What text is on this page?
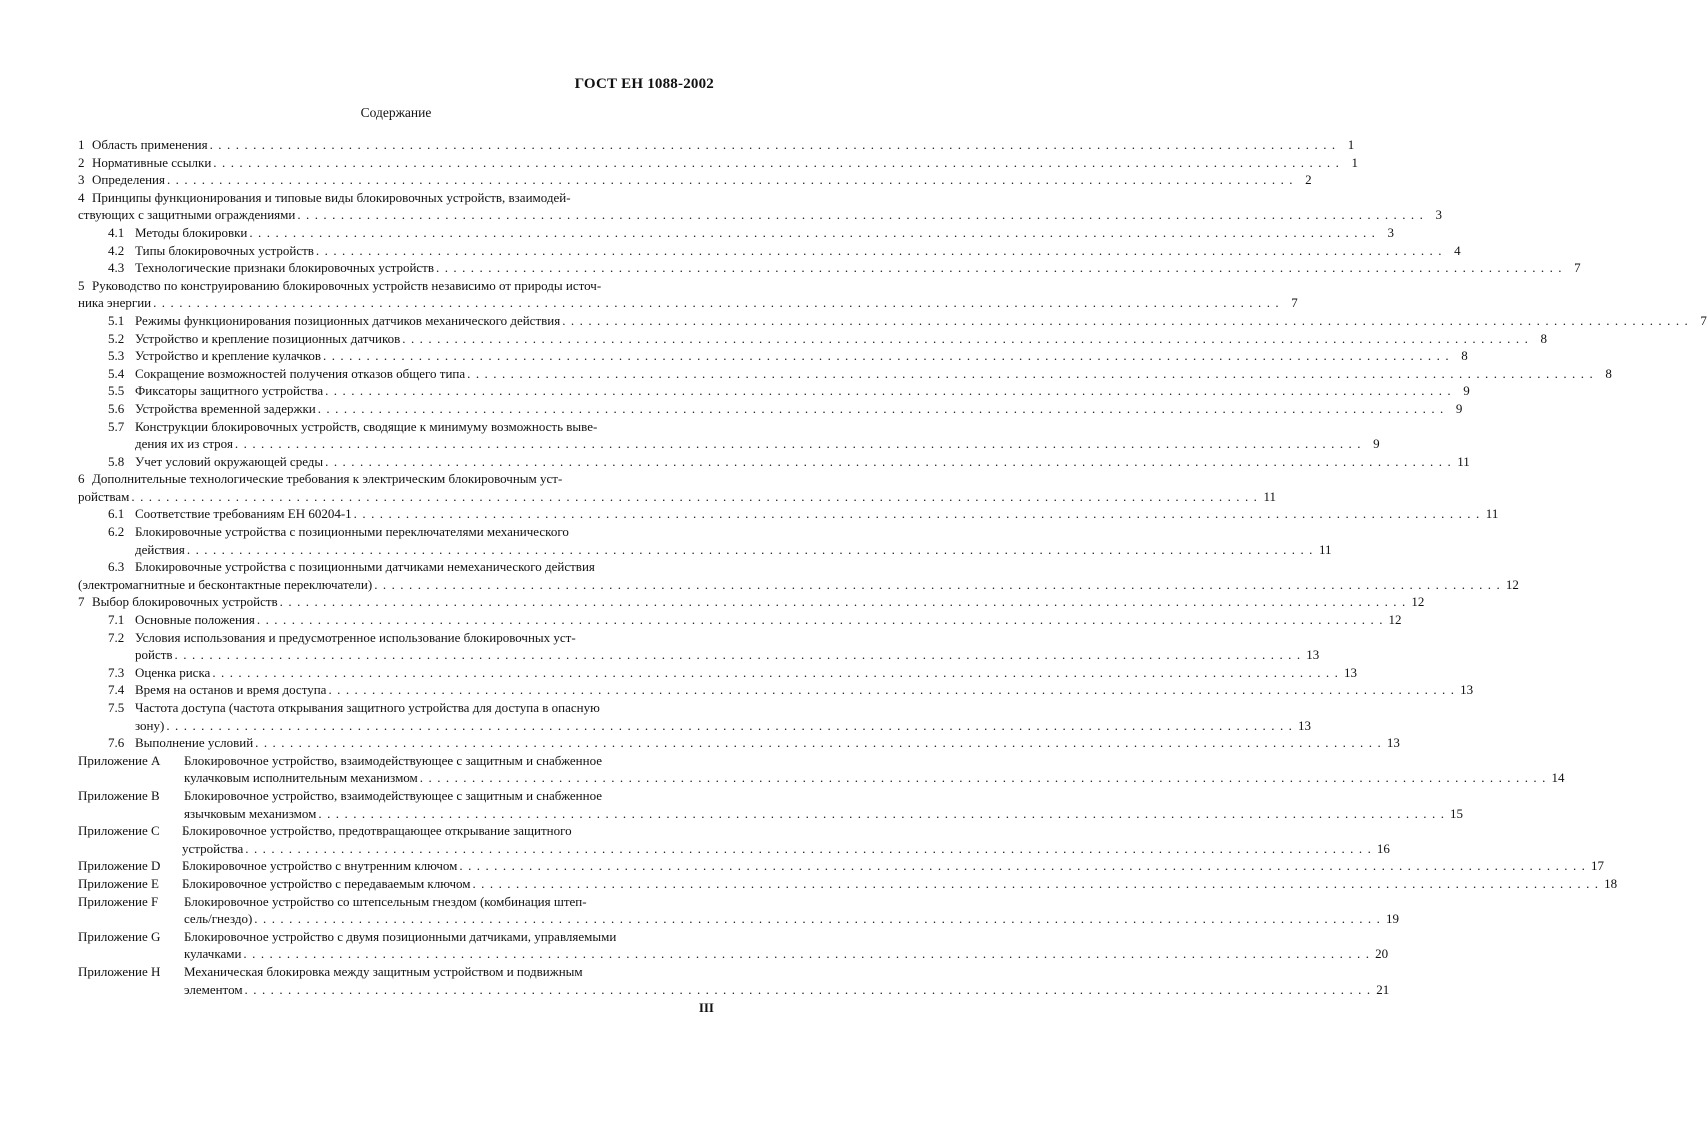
ГОСТ ЕН 1088-2002
Содержание
1 Область применения . . .	1
2 Нормативные ссылки . . .	1
3 Определения . . .	2
4 Принципы функционирования и типовые виды блокировочных устройств, взаимодей-
ствующих с защитными ограждениями . . .	3
4.1 Методы блокировки . . .	3
4.2 Типы блокировочных устройств . . .	4
4.3 Технологические признаки блокировочных устройств . . .	7
5 Руководство по конструированию блокировочных устройств независимо от природы источ-
ника энергии . . .	7
5.1 Режимы функционирования позиционных датчиков механического действия . . .	7
5.2 Устройство и крепление позиционных датчиков . . .	8
5.3 Устройство и крепление кулачков . . .	8
5.4 Сокращение возможностей получения отказов общего типа . . .	8
5.5 Фиксаторы защитного устройства . . .	9
5.6 Устройства временной задержки . . .	9
5.7 Конструкции блокировочных устройств, сводящие к минимуму возможность выве-
дения их из строя . . .	9
5.8 Учет условий окружающей среды . . .	11
6 Дополнительные технологические требования к электрическим блокировочным уст-
ройствам . . .	11
6.1 Соответствие требованиям ЕН 60204-1 . . .	11
6.2 Блокировочные устройства с позиционными переключателями механического
действия . . .	11
6.3 Блокировочные устройства с позиционными датчиками немеханического действия
(электромагнитные и бесконтактные переключатели) . . .	12
7 Выбор блокировочных устройств . . .	12
7.1 Основные положения . . .	12
7.2 Условия использования и предусмотренное использование блокировочных уст-
ройств . . .	13
7.3 Оценка риска . . .	13
7.4 Время на останов и время доступа . . .	13
7.5 Частота доступа (частота открывания защитного устройства для доступа в опасную
зону) . . .	13
7.6 Выполнение условий . . .	13
Приложение А	Блокировочное устройство, взаимодействующее с защитным и снабженное
кулачковым исполнительным механизмом . . .	14
Приложение В	Блокировочное устройство, взаимодействующее с защитным и снабженное
язычковым механизмом . . .	15
Приложение С	Блокировочное устройство, предотвращающее открывание защитного
устройства . . .	16
Приложение D	Блокировочное устройство с внутренним ключом . . .	17
Приложение Е	Блокировочное устройство с передаваемым ключом . . .	18
Приложение F	Блокировочное устройство со штепсельным гнездом (комбинация штеп-
сель/гнездо) . . .	19
Приложение G	Блокировочное устройство с двумя позиционными датчиками, управляемыми
кулачками . . .	20
Приложение H	Механическая блокировка между защитным устройством и подвижным
элементом . . .	21
III
